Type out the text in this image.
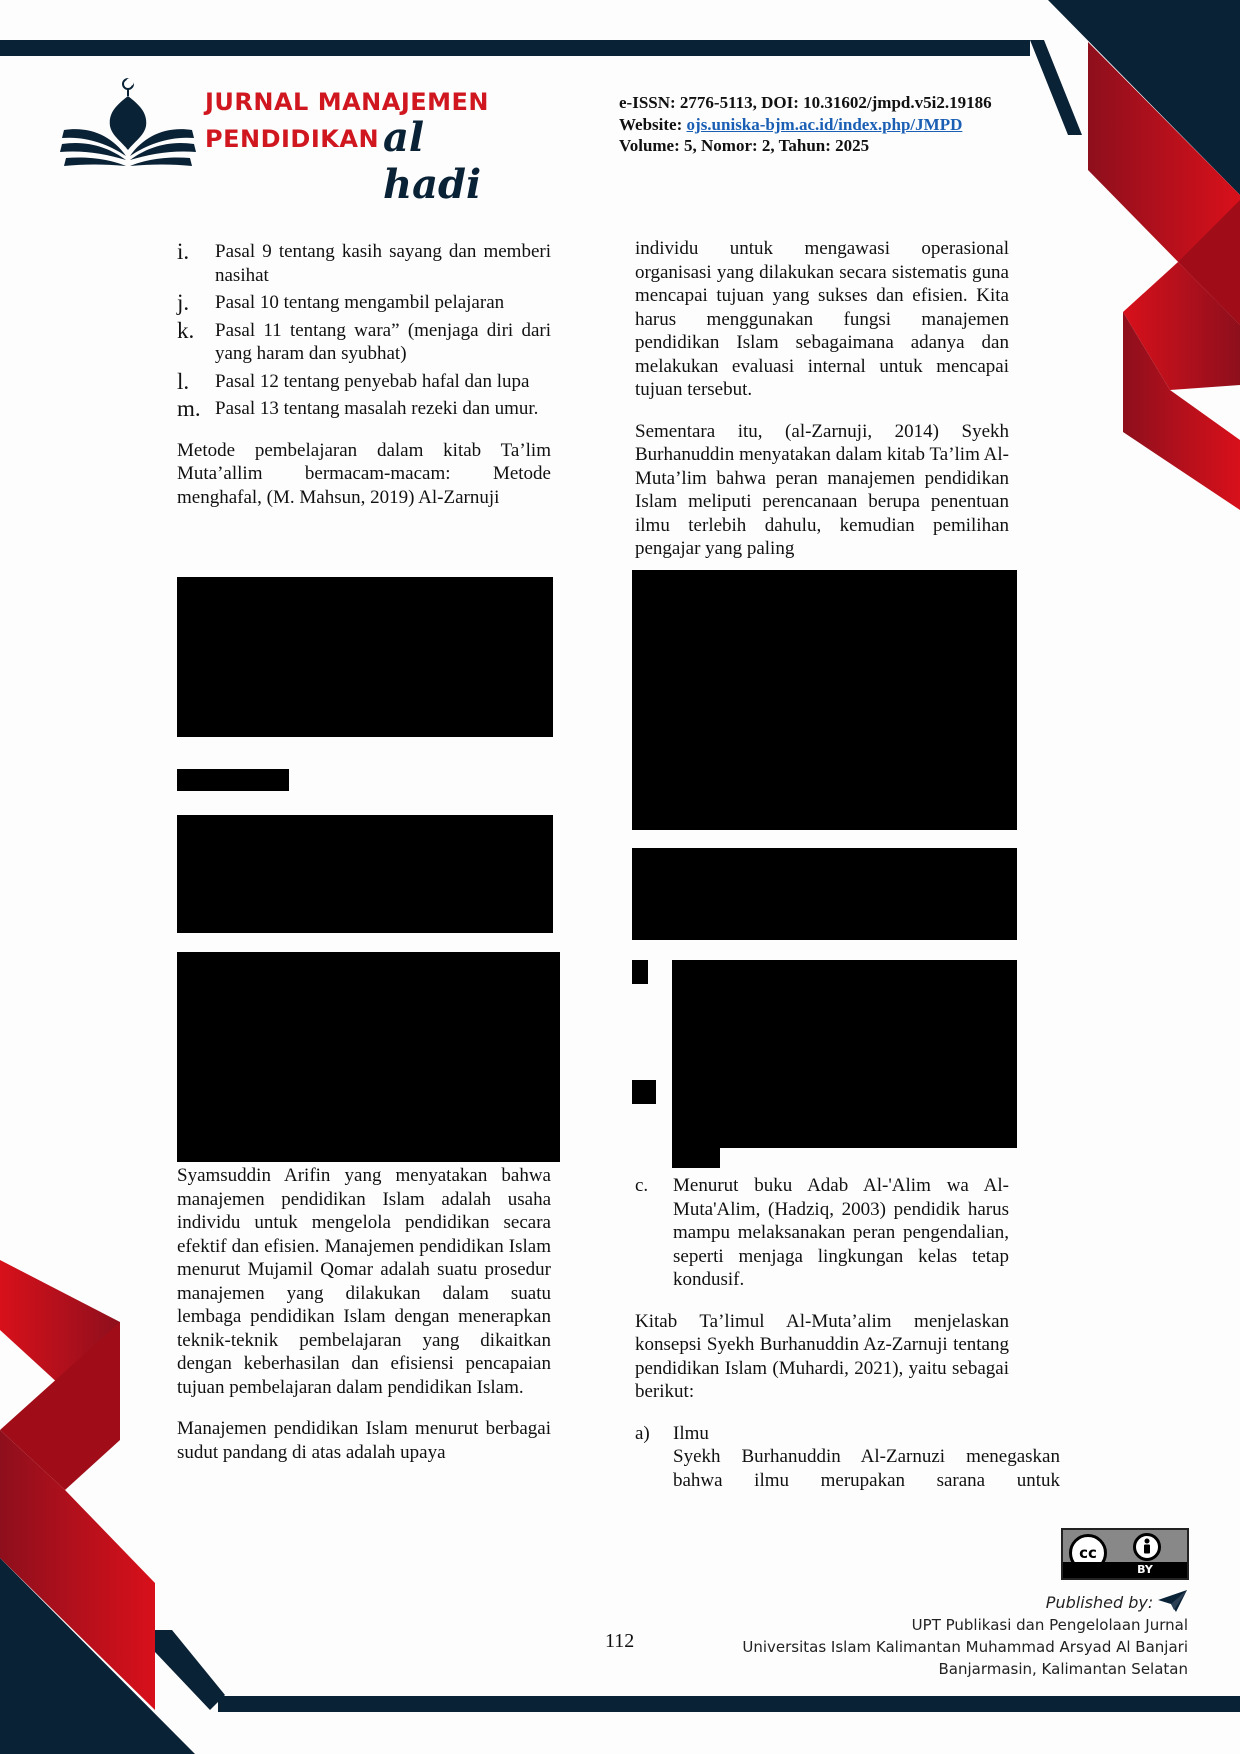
JURNAL MANAJEMEN
PENDIDIKAN al hadi
e-ISSN: 2776-5113, DOI: 10.31602/jmpd.v5i2.19186
Website: ojs.uniska-bjm.ac.id/index.php/JMPD
Volume: 5, Nomor: 2, Tahun: 2025
i.	Pasal 9 tentang kasih sayang dan memberi nasihat
j.	Pasal 10 tentang mengambil pelajaran
k.	Pasal 11 tentang wara” (menjaga diri dari yang haram dan syubhat)
l.	Pasal 12 tentang penyebab hafal dan lupa
m. Pasal 13 tentang masalah rezeki dan umur.

Metode pembelajaran dalam kitab Ta’lim Muta’allim bermacam-macam: Metode menghafal, (M. Mahsun, 2019) Al-Zarnuji

Syamsuddin Arifin yang menyatakan bahwa manajemen pendidikan Islam adalah usaha individu untuk mengelola pendidikan secara efektif dan efisien. Manajemen pendidikan Islam menurut Mujamil Qomar adalah suatu prosedur manajemen yang dilakukan dalam suatu lembaga pendidikan Islam dengan menerapkan teknik-teknik pembelajaran yang dikaitkan dengan keberhasilan dan efisiensi pencapaian tujuan pembelajaran dalam pendidikan Islam.

Manajemen pendidikan Islam menurut berbagai sudut pandang di atas adalah upaya

individu untuk mengawasi operasional organisasi yang dilakukan secara sistematis guna mencapai tujuan yang sukses dan efisien. Kita harus menggunakan fungsi manajemen pendidikan Islam sebagaimana adanya dan melakukan evaluasi internal untuk mencapai tujuan tersebut.

Sementara itu, (al-Zarnuji, 2014) Syekh Burhanuddin menyatakan dalam kitab Ta’lim Al-Muta’lim bahwa peran manajemen pendidikan Islam meliputi perencanaan berupa penentuan ilmu terlebih dahulu, kemudian pemilihan pengajar yang paling

c.	Menurut buku Adab Al-'Alim wa Al-Muta'Alim, (Hadziq, 2003) pendidik harus mampu melaksanakan peran pengendalian, seperti menjaga lingkungan kelas tetap kondusif.

Kitab Ta’limul Al-Muta’alim menjelaskan konsepsi Syekh Burhanuddin Az-Zarnuji tentang pendidikan Islam (Muhardi, 2021), yaitu sebagai berikut:

a)	Ilmu
Syekh Burhanuddin Al-Zarnuzi menegaskan bahwa ilmu merupakan sarana untuk
cc
BY
Published by:
UPT Publikasi dan Pengelolaan Jurnal
Universitas Islam Kalimantan Muhammad Arsyad Al Banjari
Banjarmasin, Kalimantan Selatan
112
